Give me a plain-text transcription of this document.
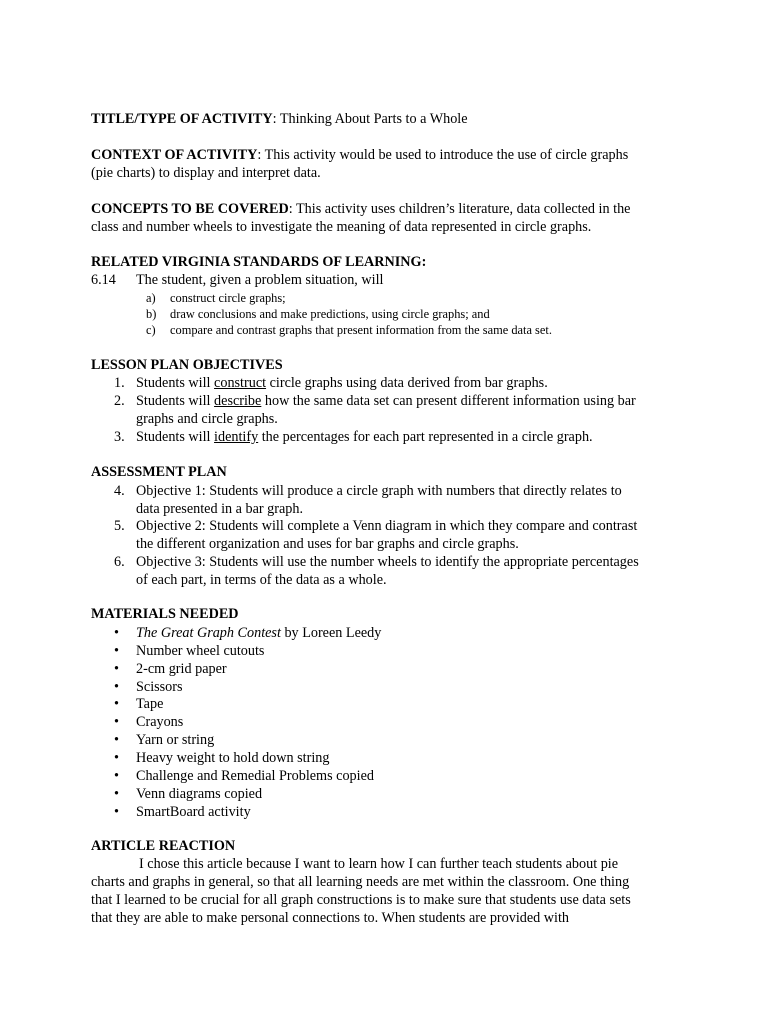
TITLE/TYPE OF ACTIVITY: Thinking About Parts to a Whole
CONTEXT OF ACTIVITY: This activity would be used to introduce the use of circle graphs
(pie charts) to display and interpret data.
CONCEPTS TO BE COVERED: This activity uses children’s literature, data collected in the
class and number wheels to investigate the meaning of data represented in circle graphs.
RELATED VIRGINIA STANDARDS OF LEARNING:
6.14 The student, given a problem situation, will
a) construct circle graphs;
b) draw conclusions and make predictions, using circle graphs; and
c) compare and contrast graphs that present information from the same data set.
LESSON PLAN OBJECTIVES
1. Students will construct circle graphs using data derived from bar graphs.
2. Students will describe how the same data set can present different information using bar
graphs and circle graphs.
3. Students will identify the percentages for each part represented in a circle graph.
ASSESSMENT PLAN
4. Objective 1: Students will produce a circle graph with numbers that directly relates to
data presented in a bar graph.
5. Objective 2: Students will complete a Venn diagram in which they compare and contrast
the different organization and uses for bar graphs and circle graphs.
6. Objective 3: Students will use the number wheels to identify the appropriate percentages
of each part, in terms of the data as a whole.
MATERIALS NEEDED
• The Great Graph Contest by Loreen Leedy
• Number wheel cutouts
• 2-cm grid paper
• Scissors
• Tape
• Crayons
• Yarn or string
• Heavy weight to hold down string
• Challenge and Remedial Problems copied
• Venn diagrams copied
• SmartBoard activity
ARTICLE REACTION
I chose this article because I want to learn how I can further teach students about pie
charts and graphs in general, so that all learning needs are met within the classroom. One thing
that I learned to be crucial for all graph constructions is to make sure that students use data sets
that they are able to make personal connections to. When students are provided with
